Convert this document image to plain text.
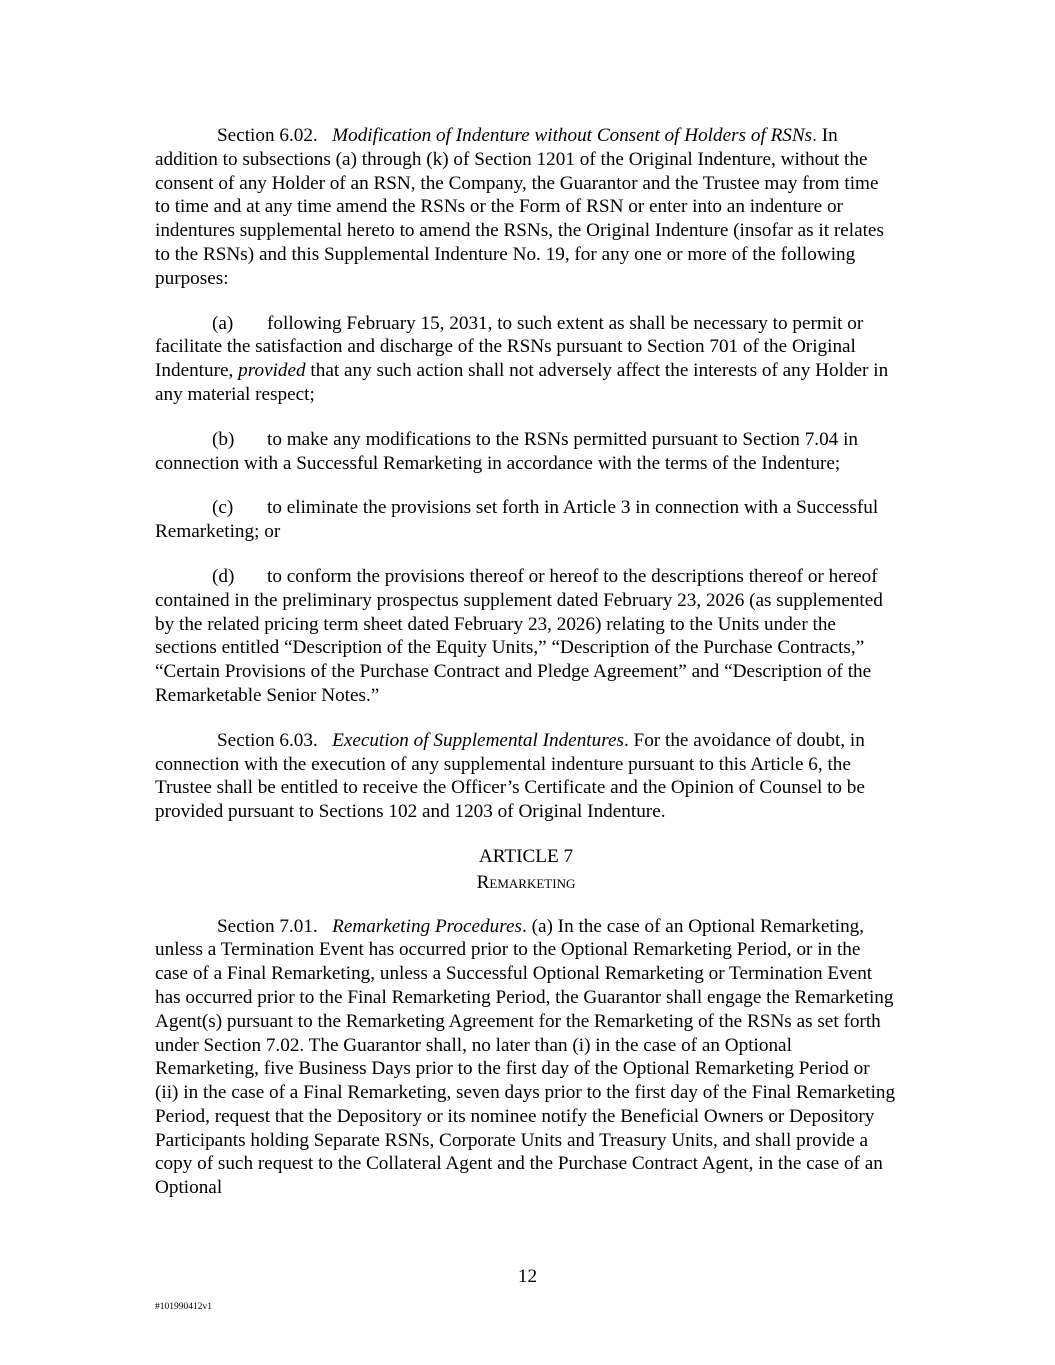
Section 6.02. Modification of Indenture without Consent of Holders of RSNs. In addition to subsections (a) through (k) of Section 1201 of the Original Indenture, without the consent of any Holder of an RSN, the Company, the Guarantor and the Trustee may from time to time and at any time amend the RSNs or the Form of RSN or enter into an indenture or indentures supplemental hereto to amend the RSNs, the Original Indenture (insofar as it relates to the RSNs) and this Supplemental Indenture No. 19, for any one or more of the following purposes:

(a) following February 15, 2031, to such extent as shall be necessary to permit or facilitate the satisfaction and discharge of the RSNs pursuant to Section 701 of the Original Indenture, provided that any such action shall not adversely affect the interests of any Holder in any material respect;

(b) to make any modifications to the RSNs permitted pursuant to Section 7.04 in connection with a Successful Remarketing in accordance with the terms of the Indenture;

(c) to eliminate the provisions set forth in Article 3 in connection with a Successful Remarketing; or

(d) to conform the provisions thereof or hereof to the descriptions thereof or hereof contained in the preliminary prospectus supplement dated February 23, 2026 (as supplemented by the related pricing term sheet dated February 23, 2026) relating to the Units under the sections entitled “Description of the Equity Units,” “Description of the Purchase Contracts,” “Certain Provisions of the Purchase Contract and Pledge Agreement” and “Description of the Remarketable Senior Notes.”

Section 6.03. Execution of Supplemental Indentures. For the avoidance of doubt, in connection with the execution of any supplemental indenture pursuant to this Article 6, the Trustee shall be entitled to receive the Officer’s Certificate and the Opinion of Counsel to be provided pursuant to Sections 102 and 1203 of Original Indenture.

ARTICLE 7

Remarketing

Section 7.01. Remarketing Procedures. (a) In the case of an Optional Remarketing, unless a Termination Event has occurred prior to the Optional Remarketing Period, or in the case of a Final Remarketing, unless a Successful Optional Remarketing or Termination Event has occurred prior to the Final Remarketing Period, the Guarantor shall engage the Remarketing Agent(s) pursuant to the Remarketing Agreement for the Remarketing of the RSNs as set forth under Section 7.02. The Guarantor shall, no later than (i) in the case of an Optional Remarketing, five Business Days prior to the first day of the Optional Remarketing Period or (ii) in the case of a Final Remarketing, seven days prior to the first day of the Final Remarketing Period, request that the Depository or its nominee notify the Beneficial Owners or Depository Participants holding Separate RSNs, Corporate Units and Treasury Units, and shall provide a copy of such request to the Collateral Agent and the Purchase Contract Agent, in the case of an Optional

12
#101990412v1
